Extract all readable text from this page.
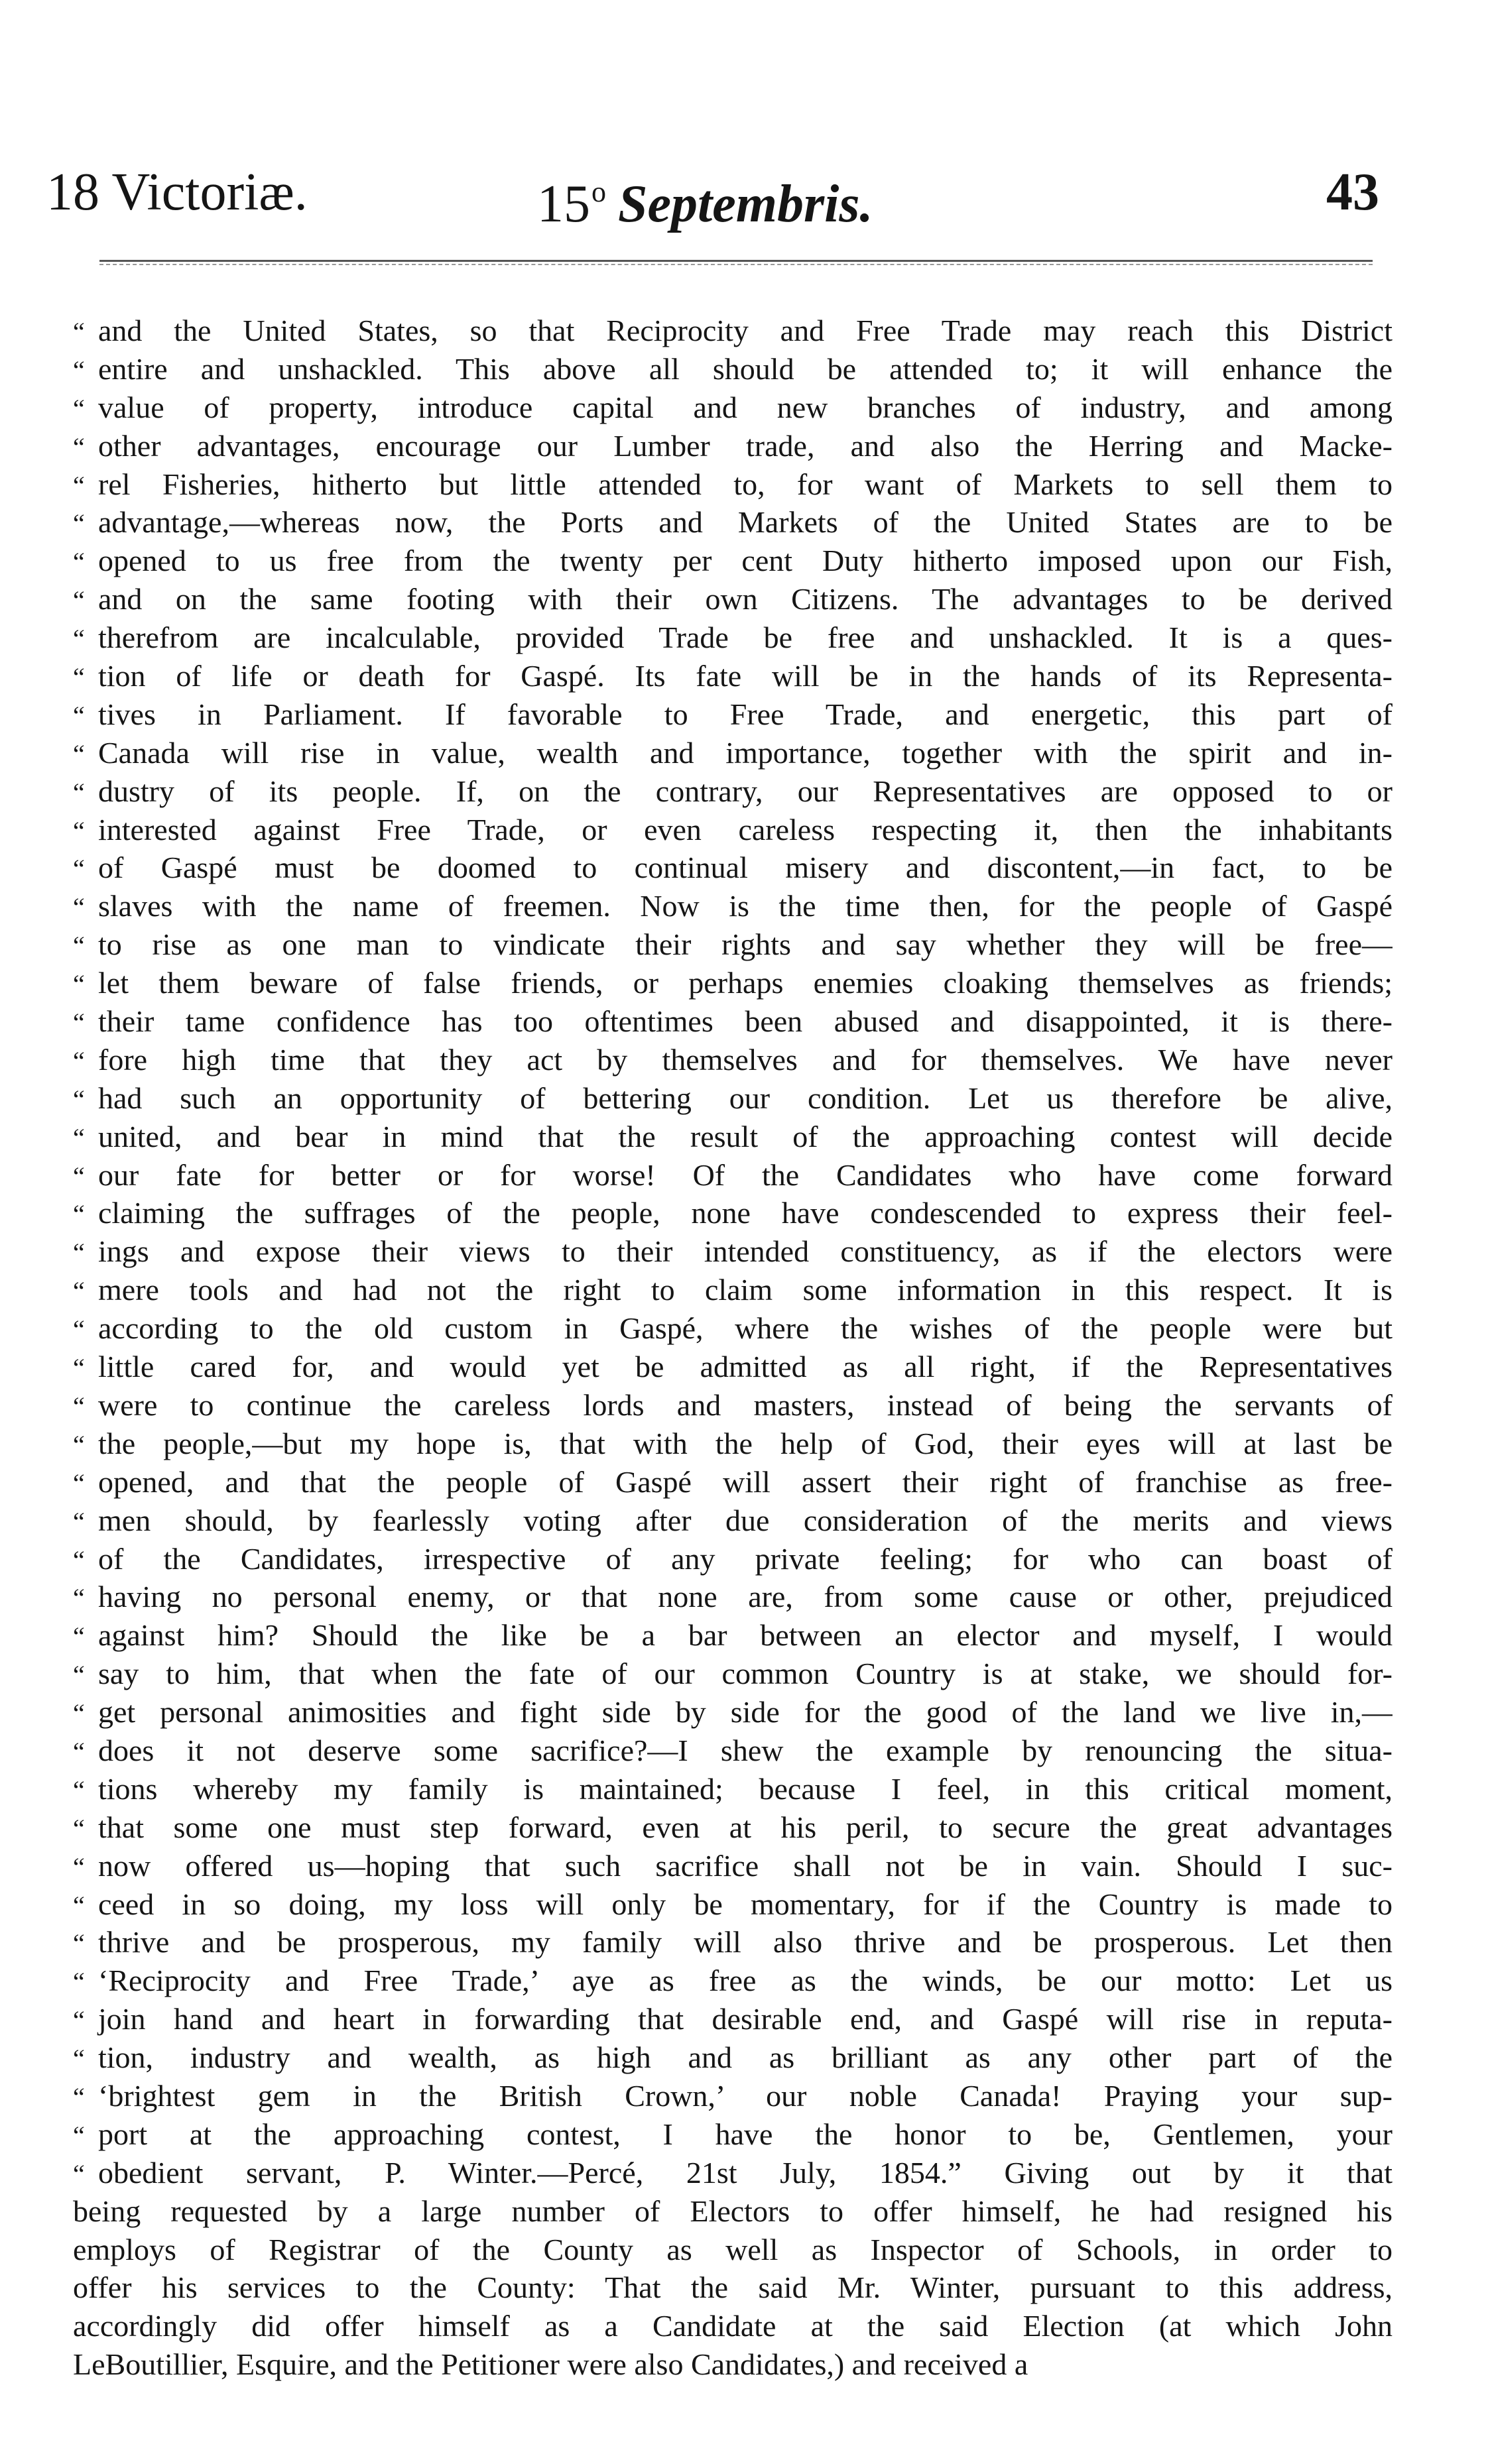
18 Victoriæ.	15$^o$ Septembris.	43
“ and the United States, so that Reciprocity and Free Trade may reach this District
“ entire and unshackled. This above all should be attended to; it will enhance the
“ value of property, introduce capital and new branches of industry, and among
“ other advantages, encourage our Lumber trade, and also the Herring and Macke-
“ rel Fisheries, hitherto but little attended to, for want of Markets to sell them to
“ advantage,—whereas now, the Ports and Markets of the United States are to be
“ opened to us free from the twenty per cent Duty hitherto imposed upon our Fish,
“ and on the same footing with their own Citizens. The advantages to be derived
“ therefrom are incalculable, provided Trade be free and unshackled. It is a ques-
“ tion of life or death for Gaspé. Its fate will be in the hands of its Representa-
“ tives in Parliament. If favorable to Free Trade, and energetic, this part of
“ Canada will rise in value, wealth and importance, together with the spirit and in-
“ dustry of its people. If, on the contrary, our Representatives are opposed to or
“ interested against Free Trade, or even careless respecting it, then the inhabitants
“ of Gaspé must be doomed to continual misery and discontent,—in fact, to be
“ slaves with the name of freemen. Now is the time then, for the people of Gaspé
“ to rise as one man to vindicate their rights and say whether they will be free—
“ let them beware of false friends, or perhaps enemies cloaking themselves as friends;
“ their tame confidence has too oftentimes been abused and disappointed, it is there-
“ fore high time that they act by themselves and for themselves. We have never
“ had such an opportunity of bettering our condition. Let us therefore be alive,
“ united, and bear in mind that the result of the approaching contest will decide
“ our fate for better or for worse! Of the Candidates who have come forward
“ claiming the suffrages of the people, none have condescended to express their feel-
“ ings and expose their views to their intended constituency, as if the electors were
“ mere tools and had not the right to claim some information in this respect. It is
“ according to the old custom in Gaspé, where the wishes of the people were but
“ little cared for, and would yet be admitted as all right, if the Representatives
“ were to continue the careless lords and masters, instead of being the servants of
“ the people,—but my hope is, that with the help of God, their eyes will at last be
“ opened, and that the people of Gaspé will assert their right of franchise as free-
“ men should, by fearlessly voting after due consideration of the merits and views
“ of the Candidates, irrespective of any private feeling; for who can boast of
“ having no personal enemy, or that none are, from some cause or other, prejudiced
“ against him? Should the like be a bar between an elector and myself, I would
“ say to him, that when the fate of our common Country is at stake, we should for-
“ get personal animosities and fight side by side for the good of the land we live in,—
“ does it not deserve some sacrifice?—I shew the example by renouncing the situa-
“ tions whereby my family is maintained; because I feel, in this critical moment,
“ that some one must step forward, even at his peril, to secure the great advantages
“ now offered us—hoping that such sacrifice shall not be in vain. Should I suc-
“ ceed in so doing, my loss will only be momentary, for if the Country is made to
“ thrive and be prosperous, my family will also thrive and be prosperous. Let then
“ ‘Reciprocity and Free Trade,’ aye as free as the winds, be our motto: Let us
“ join hand and heart in forwarding that desirable end, and Gaspé will rise in reputa-
“ tion, industry and wealth, as high and as brilliant as any other part of the
“ ‘brightest gem in the British Crown,’ our noble Canada! Praying your sup-
“ port at the approaching contest, I have the honor to be, Gentlemen, your
“ obedient servant, P. Winter.—Percé, 21st July, 1854.” Giving out by it that
being requested by a large number of Electors to offer himself, he had resigned his
employs of Registrar of the County as well as Inspector of Schools, in order to
offer his services to the County: That the said Mr. Winter, pursuant to this address,
accordingly did offer himself as a Candidate at the said Election (at which John
LeBoutillier, Esquire, and the Petitioner were also Candidates,) and received a
